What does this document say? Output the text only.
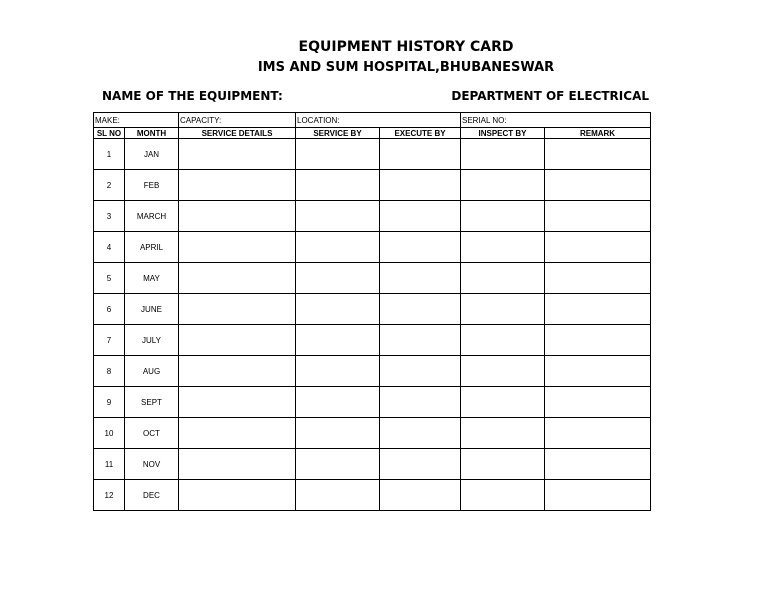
EQUIPMENT HISTORY CARD
IMS AND SUM HOSPITAL,BHUBANESWAR
NAME OF THE EQUIPMENT:	DEPARTMENT OF ELECTRICAL
MAKE:		CAPACITY:	LOCATION:		SERIAL NO:	
SL NO	MONTH	SERVICE DETAILS	SERVICE BY	EXECUTE BY	INSPECT BY	REMARK
1	JAN					
2	FEB					
3	MARCH					
4	APRIL					
5	MAY					
6	JUNE					
7	JULY					
8	AUG					
9	SEPT					
10	OCT					
11	NOV					
12	DEC					
